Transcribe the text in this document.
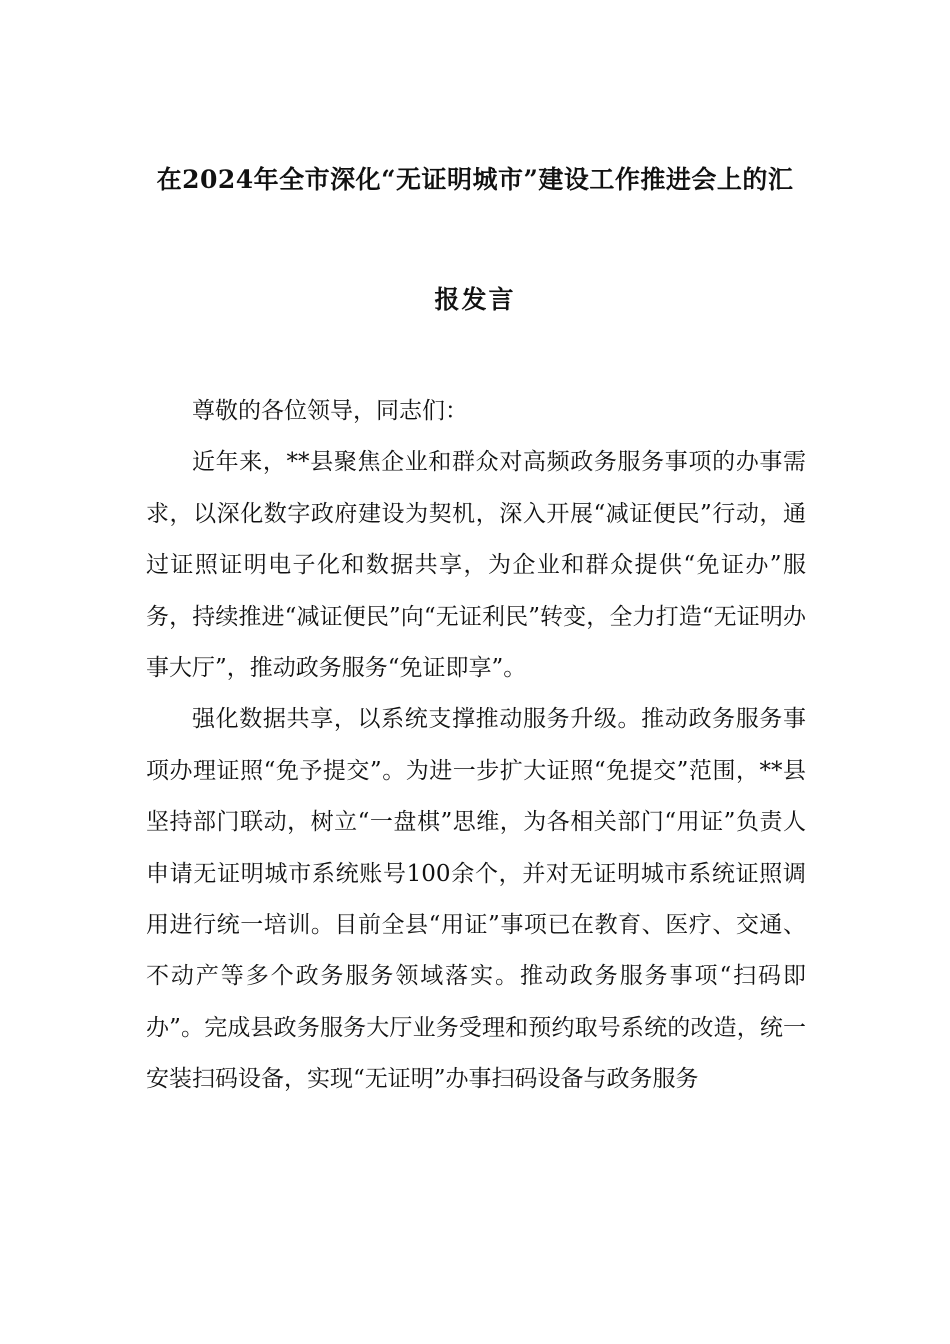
在2024年全市深化“无证明城市”建设工作推进会上的汇
报发言

尊敬的各位领导，同志们：

近年来，**县聚焦企业和群众对高频政务服务事项的办事需求，以深化数字政府建设为契机，深入开展“减证便民”行动，通过证照证明电子化和数据共享，为企业和群众提供“免证办”服务，持续推进“减证便民”向“无证利民”转变，全力打造“无证明办事大厅”，推动政务服务“免证即享”。

强化数据共享，以系统支撑推动服务升级。推动政务服务事项办理证照“免予提交”。为进一步扩大证照“免提交”范围，**县坚持部门联动，树立“一盘棋”思维，为各相关部门“用证”负责人申请无证明城市系统账号100余个，并对无证明城市系统证照调用进行统一培训。目前全县“用证”事项已在教育、医疗、交通、不动产等多个政务服务领域落实。推动政务服务事项“扫码即办”。完成县政务服务大厅业务受理和预约取号系统的改造，统一安装扫码设备，实现“无证明”办事扫码设备与政务服务
